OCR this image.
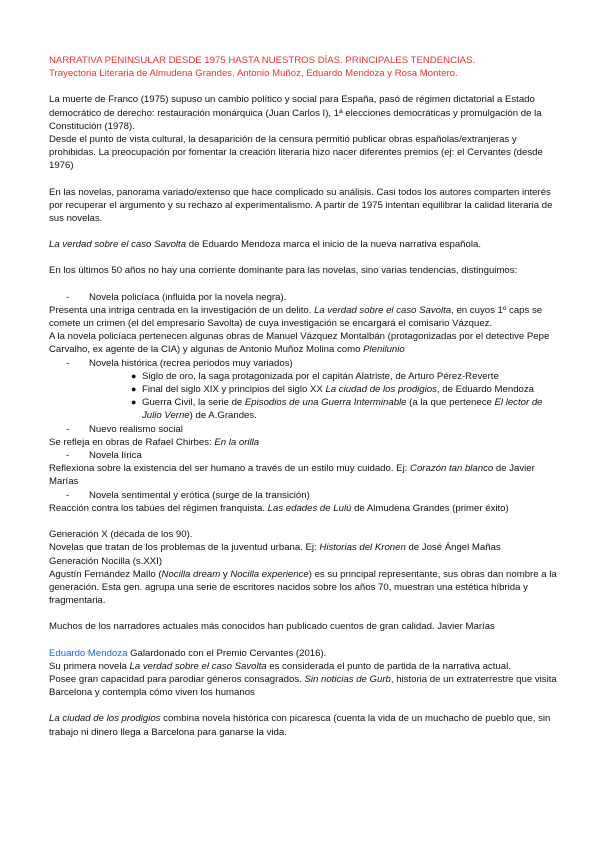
NARRATIVA PENINSULAR DESDE 1975 HASTA NUESTROS DÍAS. PRINCIPALES TENDENCIAS.

Trayectoria Literaria de Almudena Grandes, Antonio Muñoz, Eduardo Mendoza y Rosa Montero.

La muerte de Franco (1975) supuso un cambio político y social para España, pasó de régimen dictatorial a Estado democrático de derecho: restauración monárquica (Juan Carlos I), 1ª elecciones democráticas y promulgación de la Constitución (1978).

Desde el punto de vista cultural, la desaparición de la censura permitió publicar obras españolas/extranjeras y prohibidas. La preocupación por fomentar la creación literaria hizo nacer diferentes premios (ej: el Cervantes (desde 1976)

En las novelas, panorama variado/extenso que hace complicado su análisis. Casi todos los autores comparten interés por recuperar el argumento y su rechazo al experimentalismo. A partir de 1975 intentan equilibrar la calidad literaria de sus novelas.

La verdad sobre el caso Savolta de Eduardo Mendoza marca el inicio de la nueva narrativa española.

En los últimos 50 años no hay una corriente dominante para las novelas, sino varias tendencias, distinguimos:

- Novela policíaca (influida por la novela negra).

Presenta una intriga centrada en la investigación de un delito. La verdad sobre el caso Savolta, en cuyos 1º caps se comete un crimen (el del empresario Savolta) de cuya investigación se encargará el comisario Vázquez.

A la novela policíaca pertenecen algunas obras de Manuel Vázquez Montalbán (protagonizadas por el detective Pepe Carvalho, ex agente de la CIA) y algunas de Antonio Muñoz Molina como Plenilunio

- Novela histórica (recrea periodos muy variados)

● Siglo de oro, la saga protagonizada por el capitán Alatriste, de Arturo Pérez-Reverte
● Final del siglo XIX y principios del siglo XX La ciudad de los prodigios, de Eduardo Mendoza
● Guerra Civil, la serie de Episodios de una Guerra Interminable (a la que pertenece El lector de Julio Verne) de A.Grandes.

- Nuevo realismo social

Se refleja en obras de Rafael Chirbes: En la orilla

- Novela lírica

Reflexiona sobre la existencia del ser humano a través de un estilo muy cuidado. Ej: Corazón tan blanco de Javier Marías

- Novela sentimental y erótica (surge de la transición)

Reacción contra los tabúes del régimen franquista. Las edades de Lulú de Almudena Grandes (primer éxito)

Generación X (década de los 90).

Novelas que tratan de los problemas de la juventud urbana. Ej: Historias del Kronen de José Ángel Mañas

Generación Nocilla (s.XXI)

Agustín Fernández Mallo (Nocilla dream y Nocilla experience) es su principal representante, sus obras dan nombre a la generación. Esta gen. agrupa una serie de escritores nacidos sobre los años 70, muestran una estética híbrida y fragmentaria.

Muchos de los narradores actuales más conocidos han publicado cuentos de gran calidad. Javier Marías

Eduardo Mendoza Galardonado con el Premio Cervantes (2016).

Su primera novela La verdad sobre el caso Savolta es considerada el punto de partida de la narrativa actual.

Posee gran capacidad para parodiar géneros consagrados. Sin noticias de Gurb, historia de un extraterrestre que visita Barcelona y contempla cómo viven los humanos

La ciudad de los prodigios combina novela histórica con picaresca (cuenta la vida de un muchacho de pueblo que, sin trabajo ni dinero llega a Barcelona para ganarse la vida.
